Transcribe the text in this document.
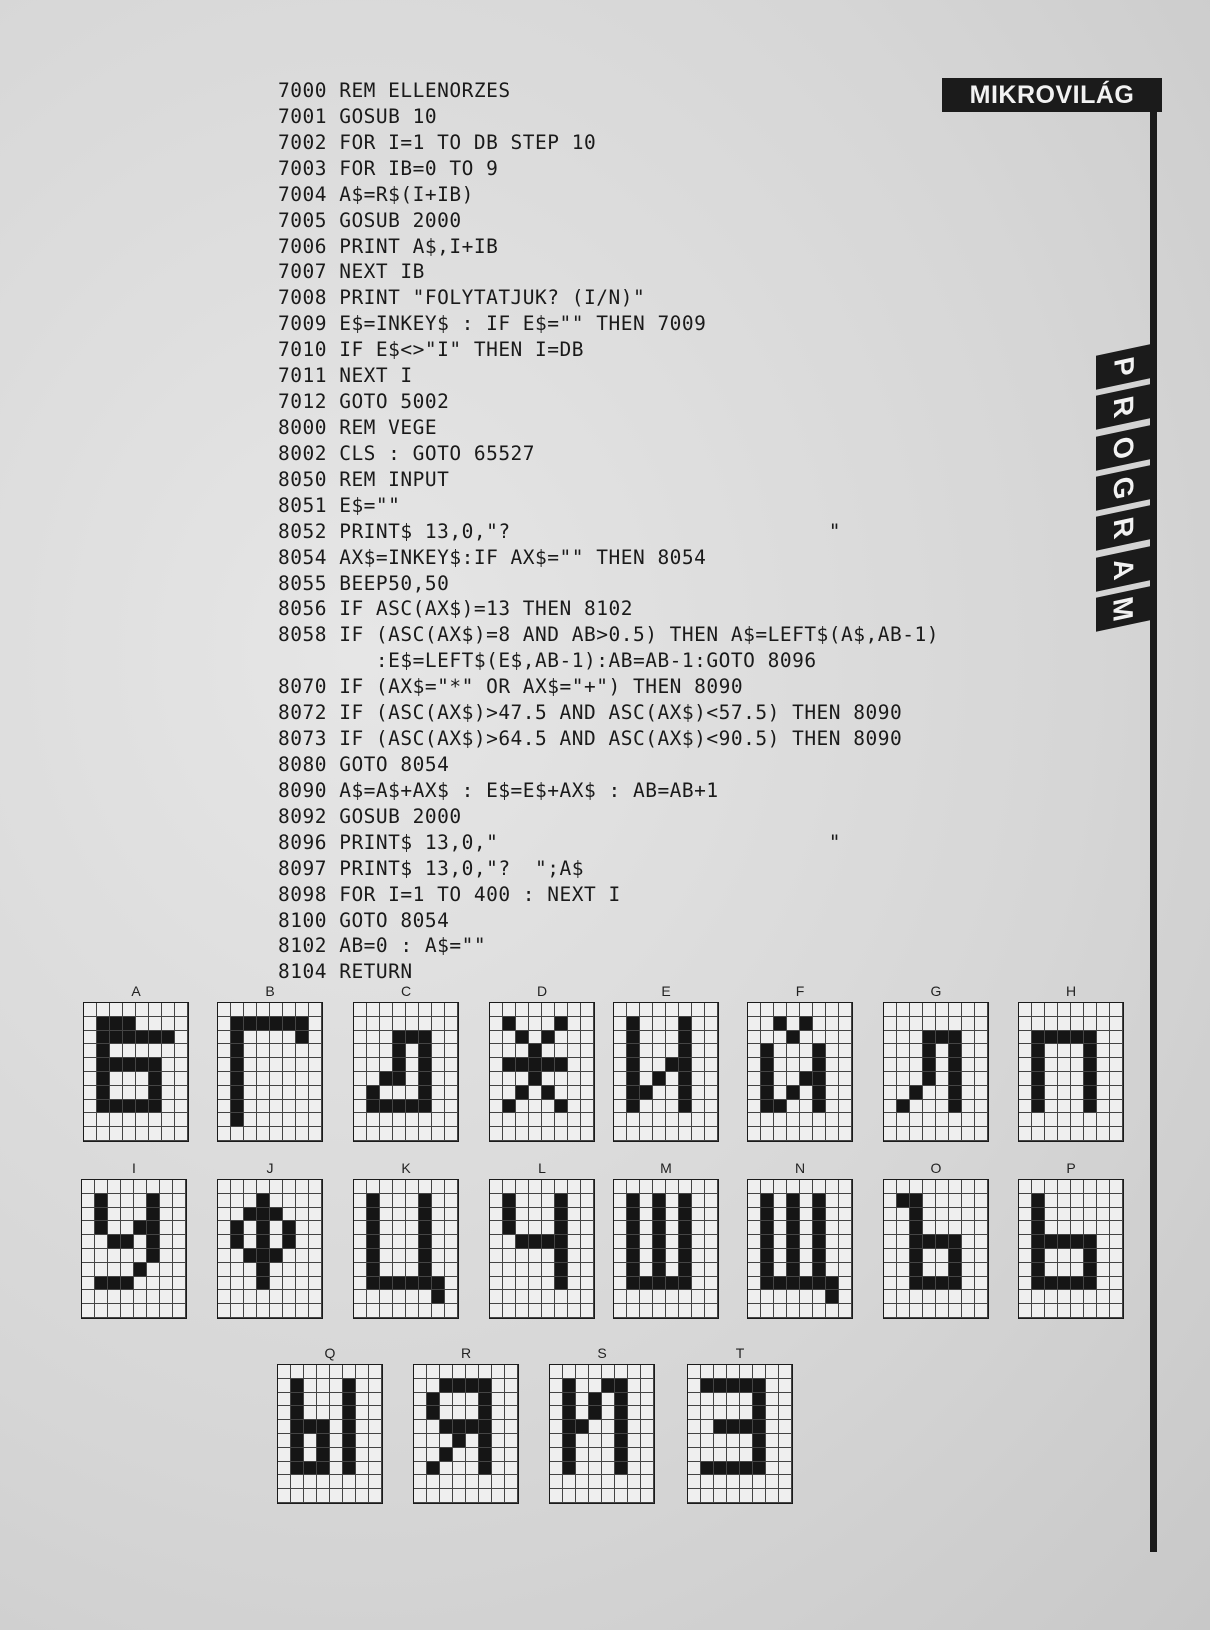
MIKROVILÁG
P
R
O
G
R
A
M
7000 REM ELLENORZES
7001 GOSUB 10
7002 FOR I=1 TO DB STEP 10
7003 FOR IB=0 TO 9
7004 A$=R$(I+IB)
7005 GOSUB 2000
7006 PRINT A$,I+IB
7007 NEXT IB
7008 PRINT "FOLYTATJUK? (I/N)"
7009 E$=INKEY$ : IF E$="" THEN 7009
7010 IF E$<>"I" THEN I=DB
7011 NEXT I
7012 GOTO 5002
8000 REM VEGE
8002 CLS : GOTO 65527
8050 REM INPUT
8051 E$=""
8052 PRINT$ 13,0,"?                          "
8054 AX$=INKEY$:IF AX$="" THEN 8054
8055 BEEP50,50
8056 IF ASC(AX$)=13 THEN 8102
8058 IF (ASC(AX$)=8 AND AB>0.5) THEN A$=LEFT$(A$,AB-1)
:E$=LEFT$(E$,AB-1):AB=AB-1:GOTO 8096
8070 IF (AX$="*" OR AX$="+") THEN 8090
8072 IF (ASC(AX$)>47.5 AND ASC(AX$)<57.5) THEN 8090
8073 IF (ASC(AX$)>64.5 AND ASC(AX$)<90.5) THEN 8090
8080 GOTO 8054
8090 A$=A$+AX$ : E$=E$+AX$ : AB=AB+1
8092 GOSUB 2000
8096 PRINT$ 13,0,"                           "
8097 PRINT$ 13,0,"?  ";A$
8098 FOR I=1 TO 400 : NEXT I
8100 GOTO 8054
8102 AB=0 : A$=""
8104 RETURN
A	B	C	D	E	F	G	H
I	J	K	L	M	N	O	P
Q	R	S	T
